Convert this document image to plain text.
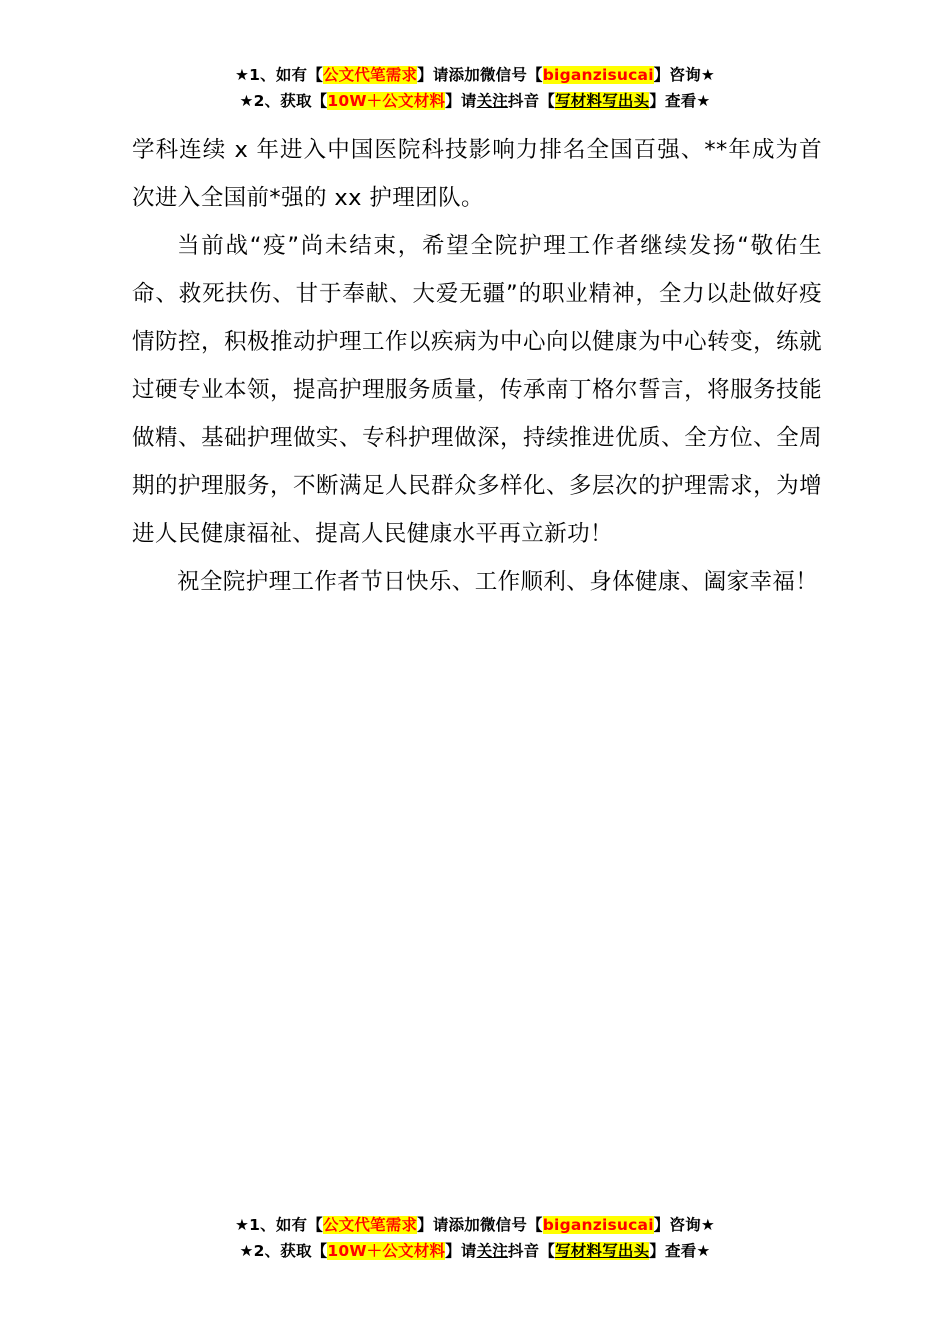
★1、如有【公文代笔需求】请添加微信号【biganzisucai】咨询★
★2、获取【10W＋公文材料】请关注抖音【写材料写出头】查看★

学科连续 x 年进入中国医院科技影响力排名全国百强、**年成为首次进入全国前*强的 xx 护理团队。

当前战“疫”尚未结束，希望全院护理工作者继续发扬“敬佑生命、救死扶伤、甘于奉献、大爱无疆”的职业精神，全力以赴做好疫情防控，积极推动护理工作以疾病为中心向以健康为中心转变，练就过硬专业本领，提高护理服务质量，传承南丁格尔誓言，将服务技能做精、基础护理做实、专科护理做深，持续推进优质、全方位、全周期的护理服务，不断满足人民群众多样化、多层次的护理需求，为增进人民健康福祉、提高人民健康水平再立新功！

祝全院护理工作者节日快乐、工作顺利、身体健康、阖家幸福！

★1、如有【公文代笔需求】请添加微信号【biganzisucai】咨询★
★2、获取【10W＋公文材料】请关注抖音【写材料写出头】查看★
